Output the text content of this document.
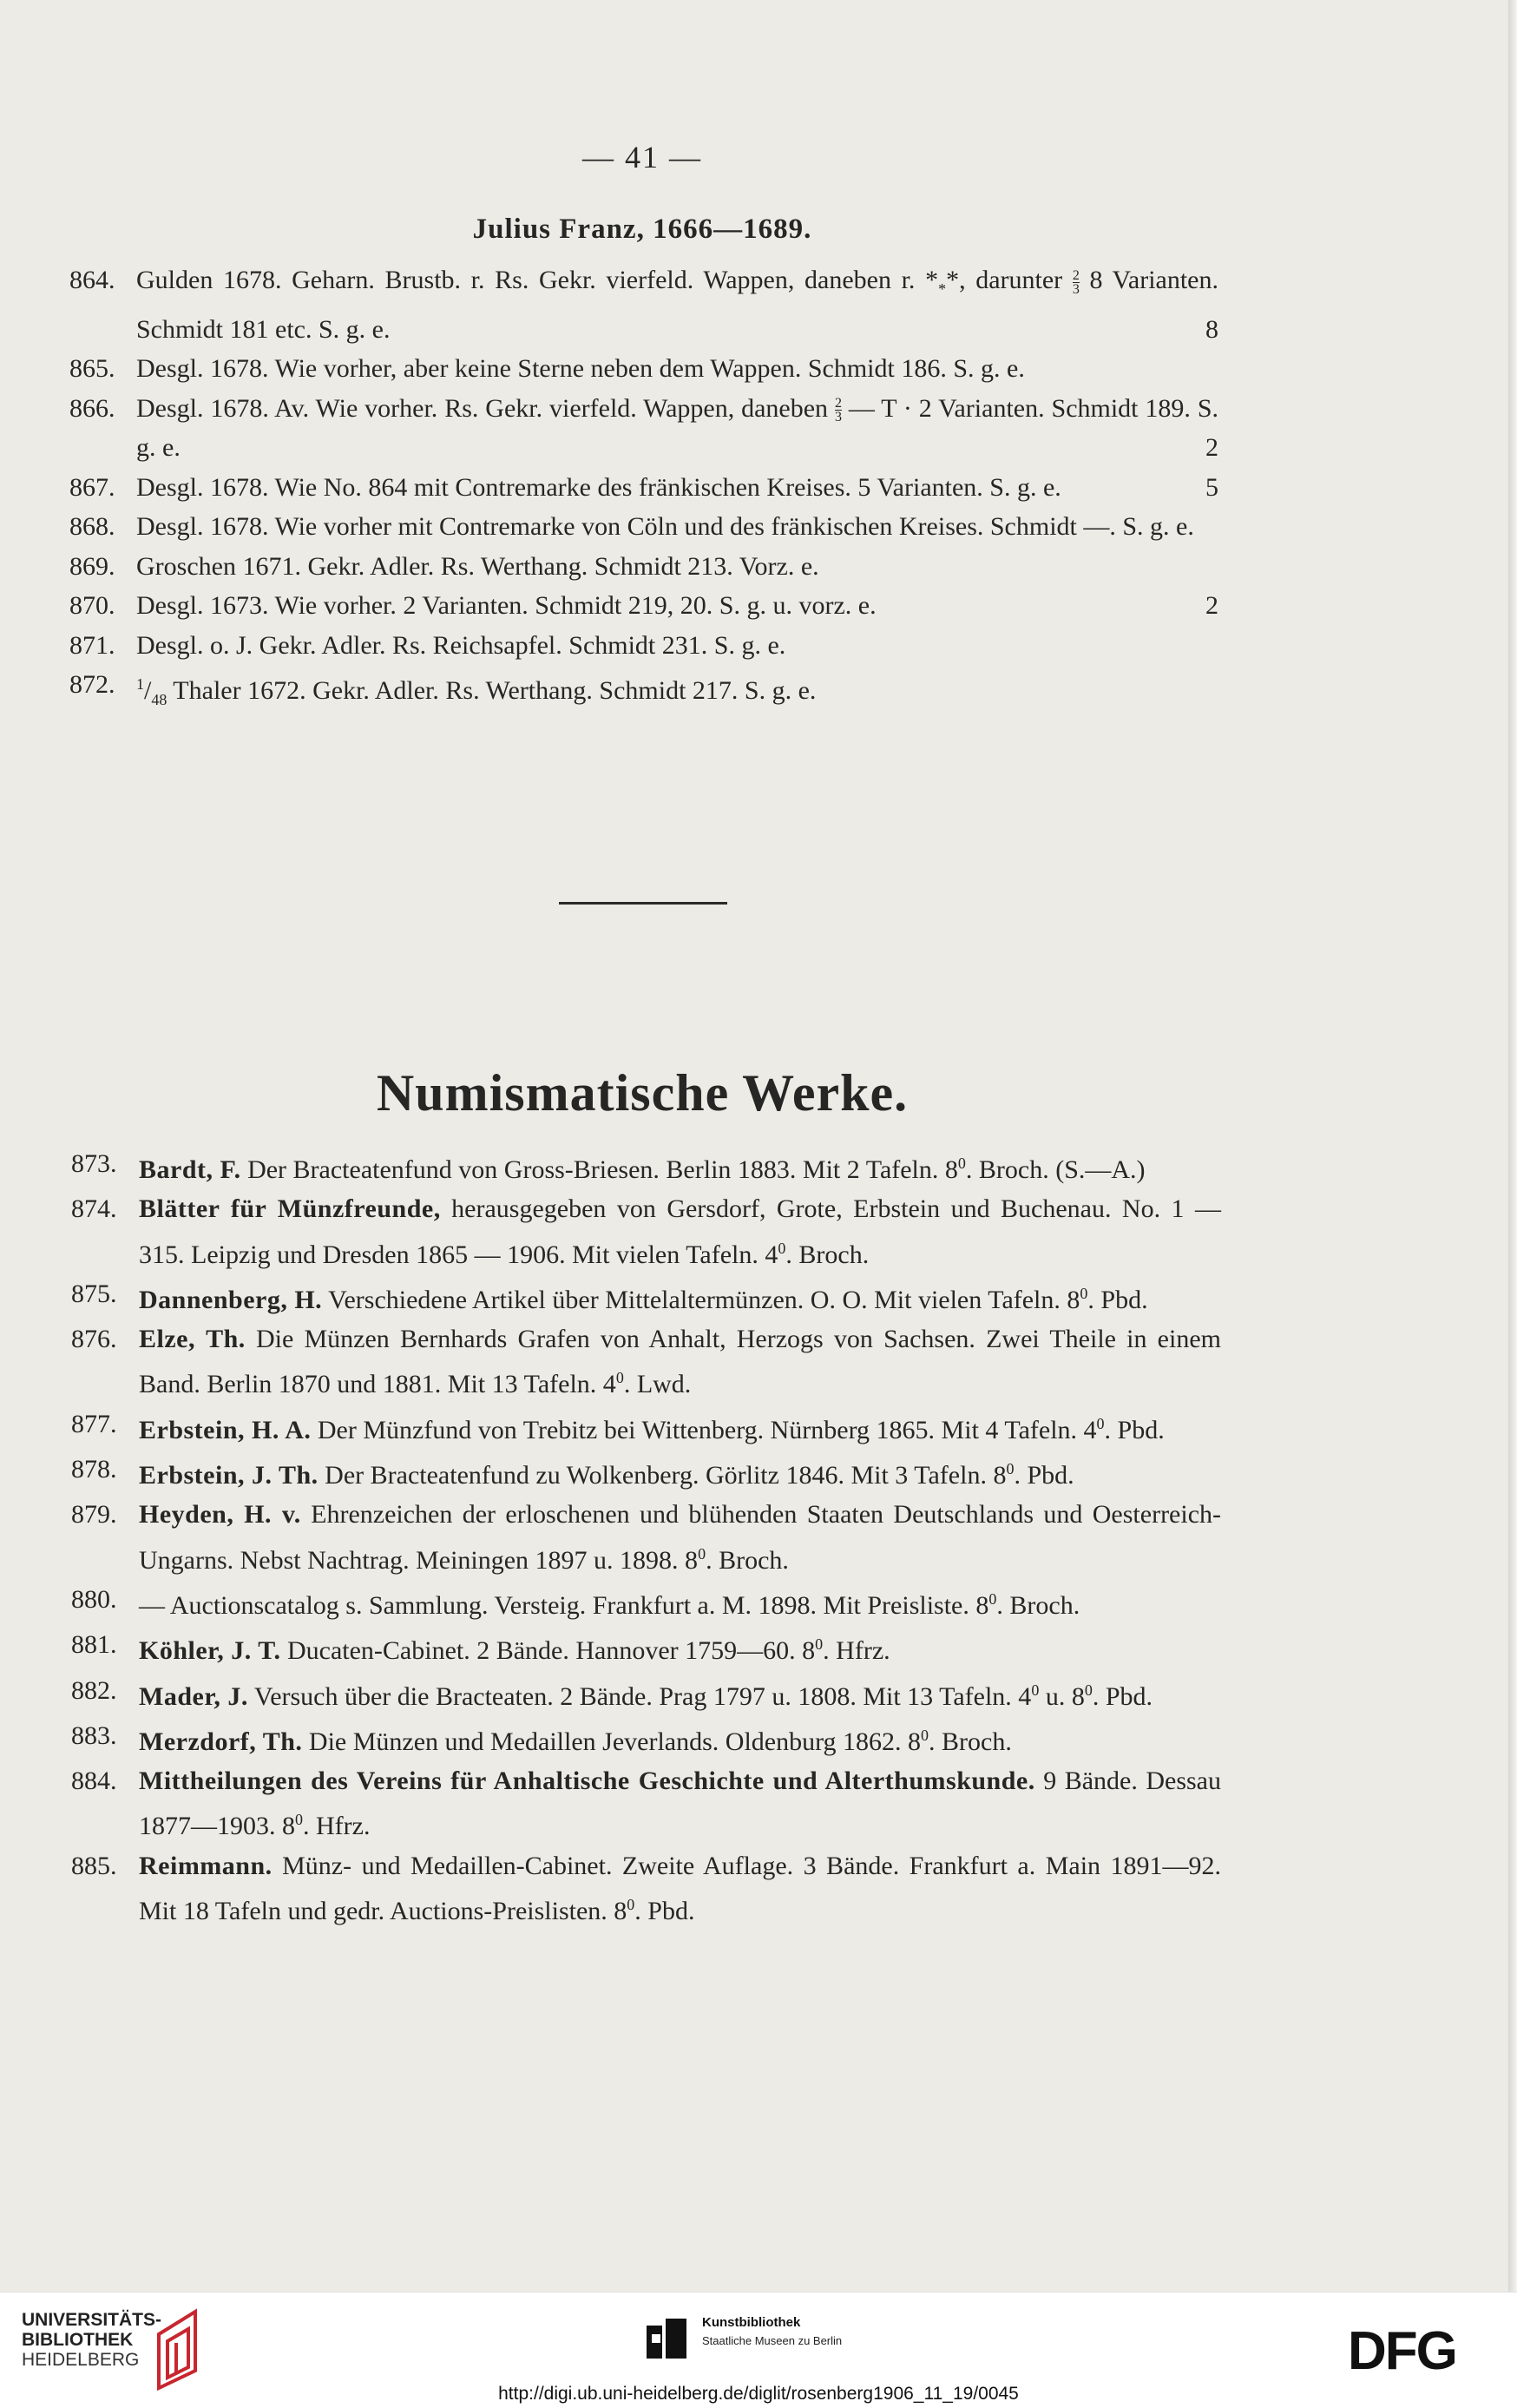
— 41 —
Julius Franz, 1666—1689.
864. Gulden 1678. Geharn. Brustb. r. Rs. Gekr. vierfeld. Wappen, daneben r. $*_**$, darunter $\frac{2}{3} 8$ Varianten. Schmidt 181 etc. S. g. e.	8
865. Desgl. 1678. Wie vorher, aber keine Sterne neben dem Wappen. Schmidt 186. S. g. e.
866. Desgl. 1678. Av. Wie vorher. Rs. Gekr. vierfeld. Wappen, daneben $\frac{2}{3}$ — T · 2 Varianten. Schmidt 189. S. g. e.	2
867. Desgl. 1678. Wie No. 864 mit Contremarke des fränkischen Kreises. 5 Varianten. S. g. e.	5
868. Desgl. 1678. Wie vorher mit Contremarke von Cöln und des fränkischen Kreises. Schmidt —. S. g. e.
869. Groschen 1671. Gekr. Adler. Rs. Werthang. Schmidt 213. Vorz. e.
870. Desgl. 1673. Wie vorher. 2 Varianten. Schmidt 219, 20. S. g. u. vorz. e.	2
871. Desgl. o. J. Gekr. Adler. Rs. Reichsapfel. Schmidt 231. S. g. e.
872. $^1/_{48}$ Thaler 1672. Gekr. Adler. Rs. Werthang. Schmidt 217. S. g. e.
Numismatische Werke.
873. Bardt, F. Der Bracteatenfund von Gross-Briesen. Berlin 1883. Mit 2 Tafeln. $8^0$. Broch. (S.—A.)
874. Blätter für Münzfreunde, herausgegeben von Gersdorf, Grote, Erbstein und Buchenau. No. 1 — 315. Leipzig und Dresden 1865 — 1906. Mit vielen Tafeln. $4^0$. Broch.
875. Dannenberg, H. Verschiedene Artikel über Mittelaltermünzen. O. O. Mit vielen Tafeln. $8^0$. Pbd.
876. Elze, Th. Die Münzen Bernhards Grafen von Anhalt, Herzogs von Sachsen. Zwei Theile in einem Band. Berlin 1870 und 1881. Mit 13 Tafeln. $4^0$. Lwd.
877. Erbstein, H. A. Der Münzfund von Trebitz bei Wittenberg. Nürnberg 1865. Mit 4 Tafeln. $4^0$. Pbd.
878. Erbstein, J. Th. Der Bracteatenfund zu Wolkenberg. Görlitz 1846. Mit 3 Tafeln. $8^0$. Pbd.
879. Heyden, H. v. Ehrenzeichen der erloschenen und blühenden Staaten Deutschlands und Oesterreich-Ungarns. Nebst Nachtrag. Meiningen 1897 u. 1898. $8^0$. Broch.
880. — Auctionscatalog s. Sammlung. Versteig. Frankfurt a. M. 1898. Mit Preisliste. $8^0$. Broch.
881. Köhler, J. T. Ducaten-Cabinet. 2 Bände. Hannover 1759—60. $8^0$. Hfrz.
882. Mader, J. Versuch über die Bracteaten. 2 Bände. Prag 1797 u. 1808. Mit 13 Tafeln. $4^0$ u. $8^0$. Pbd.
883. Merzdorf, Th. Die Münzen und Medaillen Jeverlands. Oldenburg 1862. $8^0$. Broch.
884. Mittheilungen des Vereins für Anhaltische Geschichte und Alterthumskunde. 9 Bände. Dessau 1877—1903. $8^0$. Hfrz.
885. Reimmann. Münz- und Medaillen-Cabinet. Zweite Auflage. 3 Bände. Frankfurt a. Main 1891—92. Mit 18 Tafeln und gedr. Auctions-Preislisten. $8^0$. Pbd.
UNIVERSITÄTS-
BIBLIOTHEK
HEIDELBERG
Kunstbibliothek
Staatliche Museen zu Berlin	DFG
http://digi.ub.uni-heidelberg.de/diglit/rosenberg1906_11_19/0045
